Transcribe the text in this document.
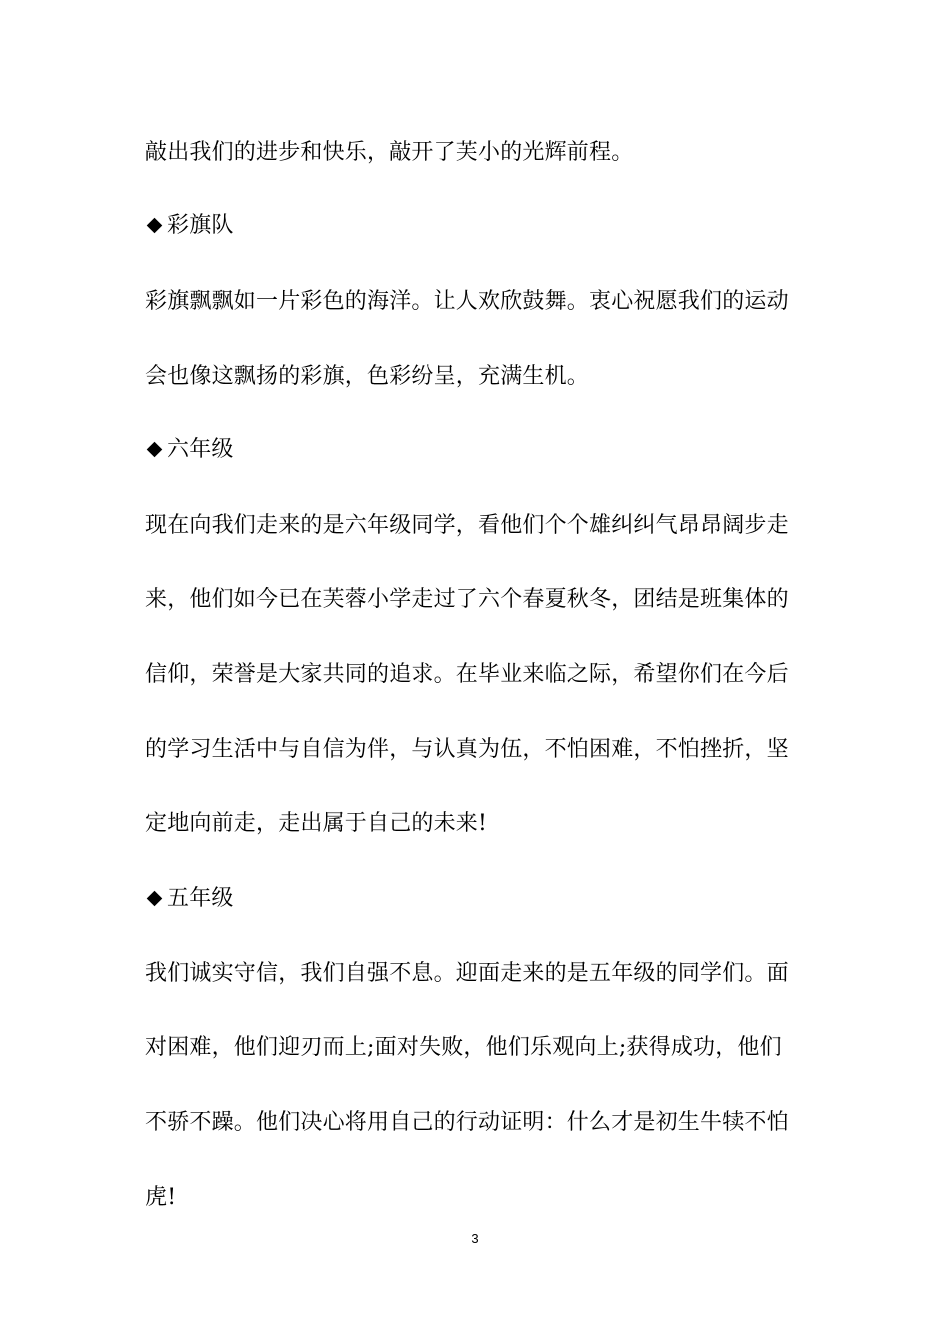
敲出我们的进步和快乐，敲开了芙小的光辉前程。
彩旗队
彩旗飘飘如一片彩色的海洋。让人欢欣鼓舞。衷心祝愿我们的运动
会也像这飘扬的彩旗，色彩纷呈，充满生机。
六年级
现在向我们走来的是六年级同学，看他们个个雄纠纠气昂昂阔步走
来，他们如今已在芙蓉小学走过了六个春夏秋冬，团结是班集体的
信仰，荣誉是大家共同的追求。在毕业来临之际，希望你们在今后
的学习生活中与自信为伴，与认真为伍，不怕困难，不怕挫折，坚
定地向前走，走出属于自己的未来!
五年级
我们诚实守信，我们自强不息。迎面走来的是五年级的同学们。面
对困难，他们迎刃而上;面对失败，他们乐观向上;获得成功，他们
不骄不躁。他们决心将用自己的行动证明：什么才是初生牛犊不怕
虎!
3
